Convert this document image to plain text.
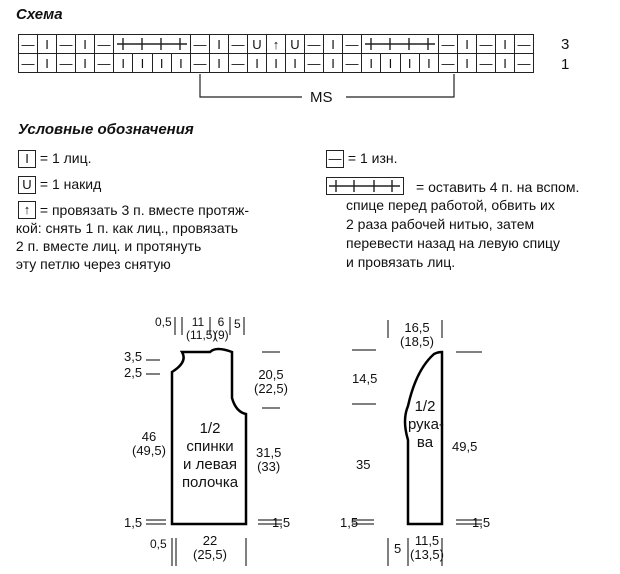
Схема
—	I	—	I	—					—	I	—	U	↑	U	—	I	—					—	I	—	I	—
—	I	—	I	—	I	I	I	I	—	I	—	I	I	I	—	I	—	I	I	I	I	—	I	—	I	—
3
1
MS
Условные обозначения
I = 1 лиц.
U = 1 накид
↑ = провязать 3 п. вместе протяж-
кой: снять 1 п. как лиц., провязать
2 п. вместе лиц. и протянуть
эту петлю через снятую
— = 1 изн.
= оставить 4 п. на вспом.
спице перед работой, обвить их
2 раза рабочей нитью, затем
перевести назад на левую спицу
и провязать лиц.
1/2
спинки
и левая
полочка
0,5	11
(11,5)
6
(9)
5
3,5
2,5
46
(49,5)
1,5
20,5
(22,5)
31,5
(33)
1,5
0,5	22
(25,5)
1/2
рука-
ва
16,5
(18,5)
14,5
35
1,5
49,5
1,5
5
11,5
(13,5)
